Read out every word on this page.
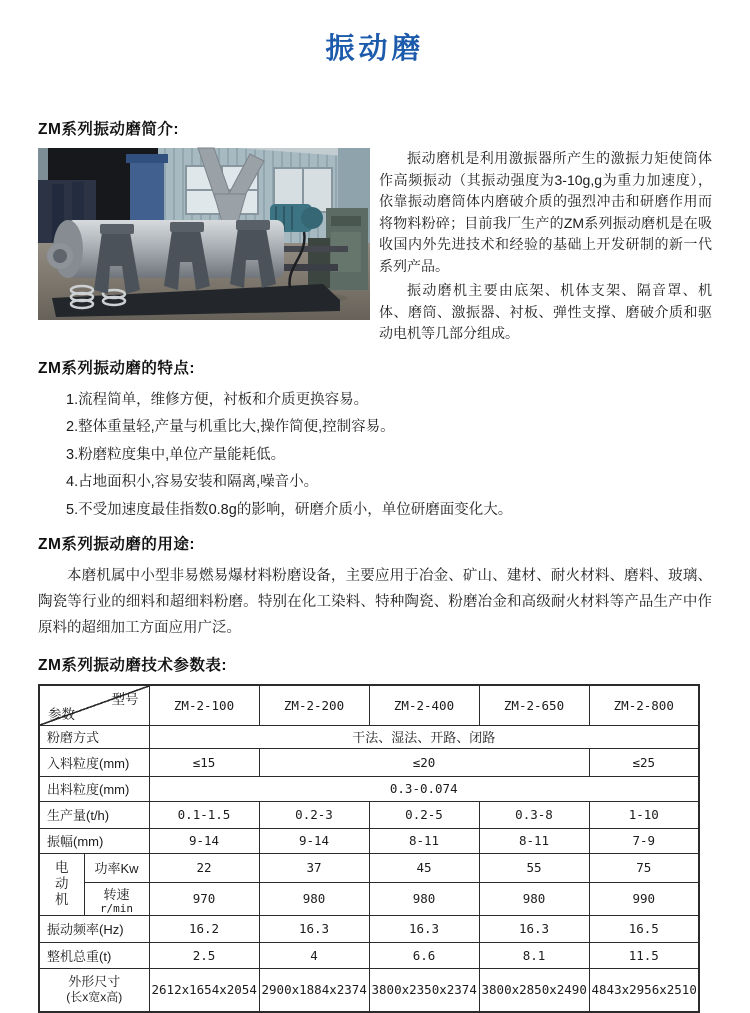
振动磨
ZM系列振动磨简介:

振动磨机是利用激振器所产生的激振力矩使筒体作高频振动（其振动强度为3-10g,g为重力加速度），依靠振动磨筒体内磨破介质的强烈冲击和研磨作用而将物料粉碎；目前我厂生产的ZM系列振动磨机是在吸收国内外先进技术和经验的基础上开发研制的新一代系列产品。

振动磨机主要由底架、机体支架、隔音罩、机体、磨筒、激振器、衬板、弹性支撑、磨破介质和驱动电机等几部分组成。

ZM系列振动磨的特点:
1.流程简单，维修方便，衬板和介质更换容易。
2.整体重量轻,产量与机重比大,操作简便,控制容易。
3.粉磨粒度集中,单位产量能耗低。
4.占地面积小,容易安装和隔离,噪音小。
5.不受加速度最佳指数0.8g的影响，研磨介质小，单位研磨面变化大。
ZM系列振动磨的用途:

本磨机属中小型非易燃易爆材料粉磨设备，主要应用于冶金、矿山、建材、耐火材料、磨料、玻璃、陶瓷等行业的细料和超细料粉磨。特别在化工染料、特种陶瓷、粉磨冶金和高级耐火材料等产品生产中作原料的超细加工方面应用广泛。

ZM系列振动磨技术参数表:
型号
参数		ZM-2-100	ZM-2-200	ZM-2-400	ZM-2-650	ZM-2-800
粉磨方式		干法、湿法、开路、闭路				
入料粒度(mm)		≤15	≤20			≤25
出料粒度(mm)		0.3-0.074				
生产量(t/h)		0.1-1.5	0.2-3	0.2-5	0.3-8	1-10
振幅(mm)		9-14	9-14	8-11	8-11	7-9
电动机	功率Kw	22	37	45	55	75

	转速
r/min	970	980	980	980	990
振动频率(Hz)		16.2	16.3	16.3	16.3	16.5
整机总重(t)		2.5	4	6.6	8.1	11.5

外形尺寸
(长x宽x高)		2612x1654x2054	2900x1884x2374	3800x2350x2374	3800x2850x2490	4843x2956x2510
